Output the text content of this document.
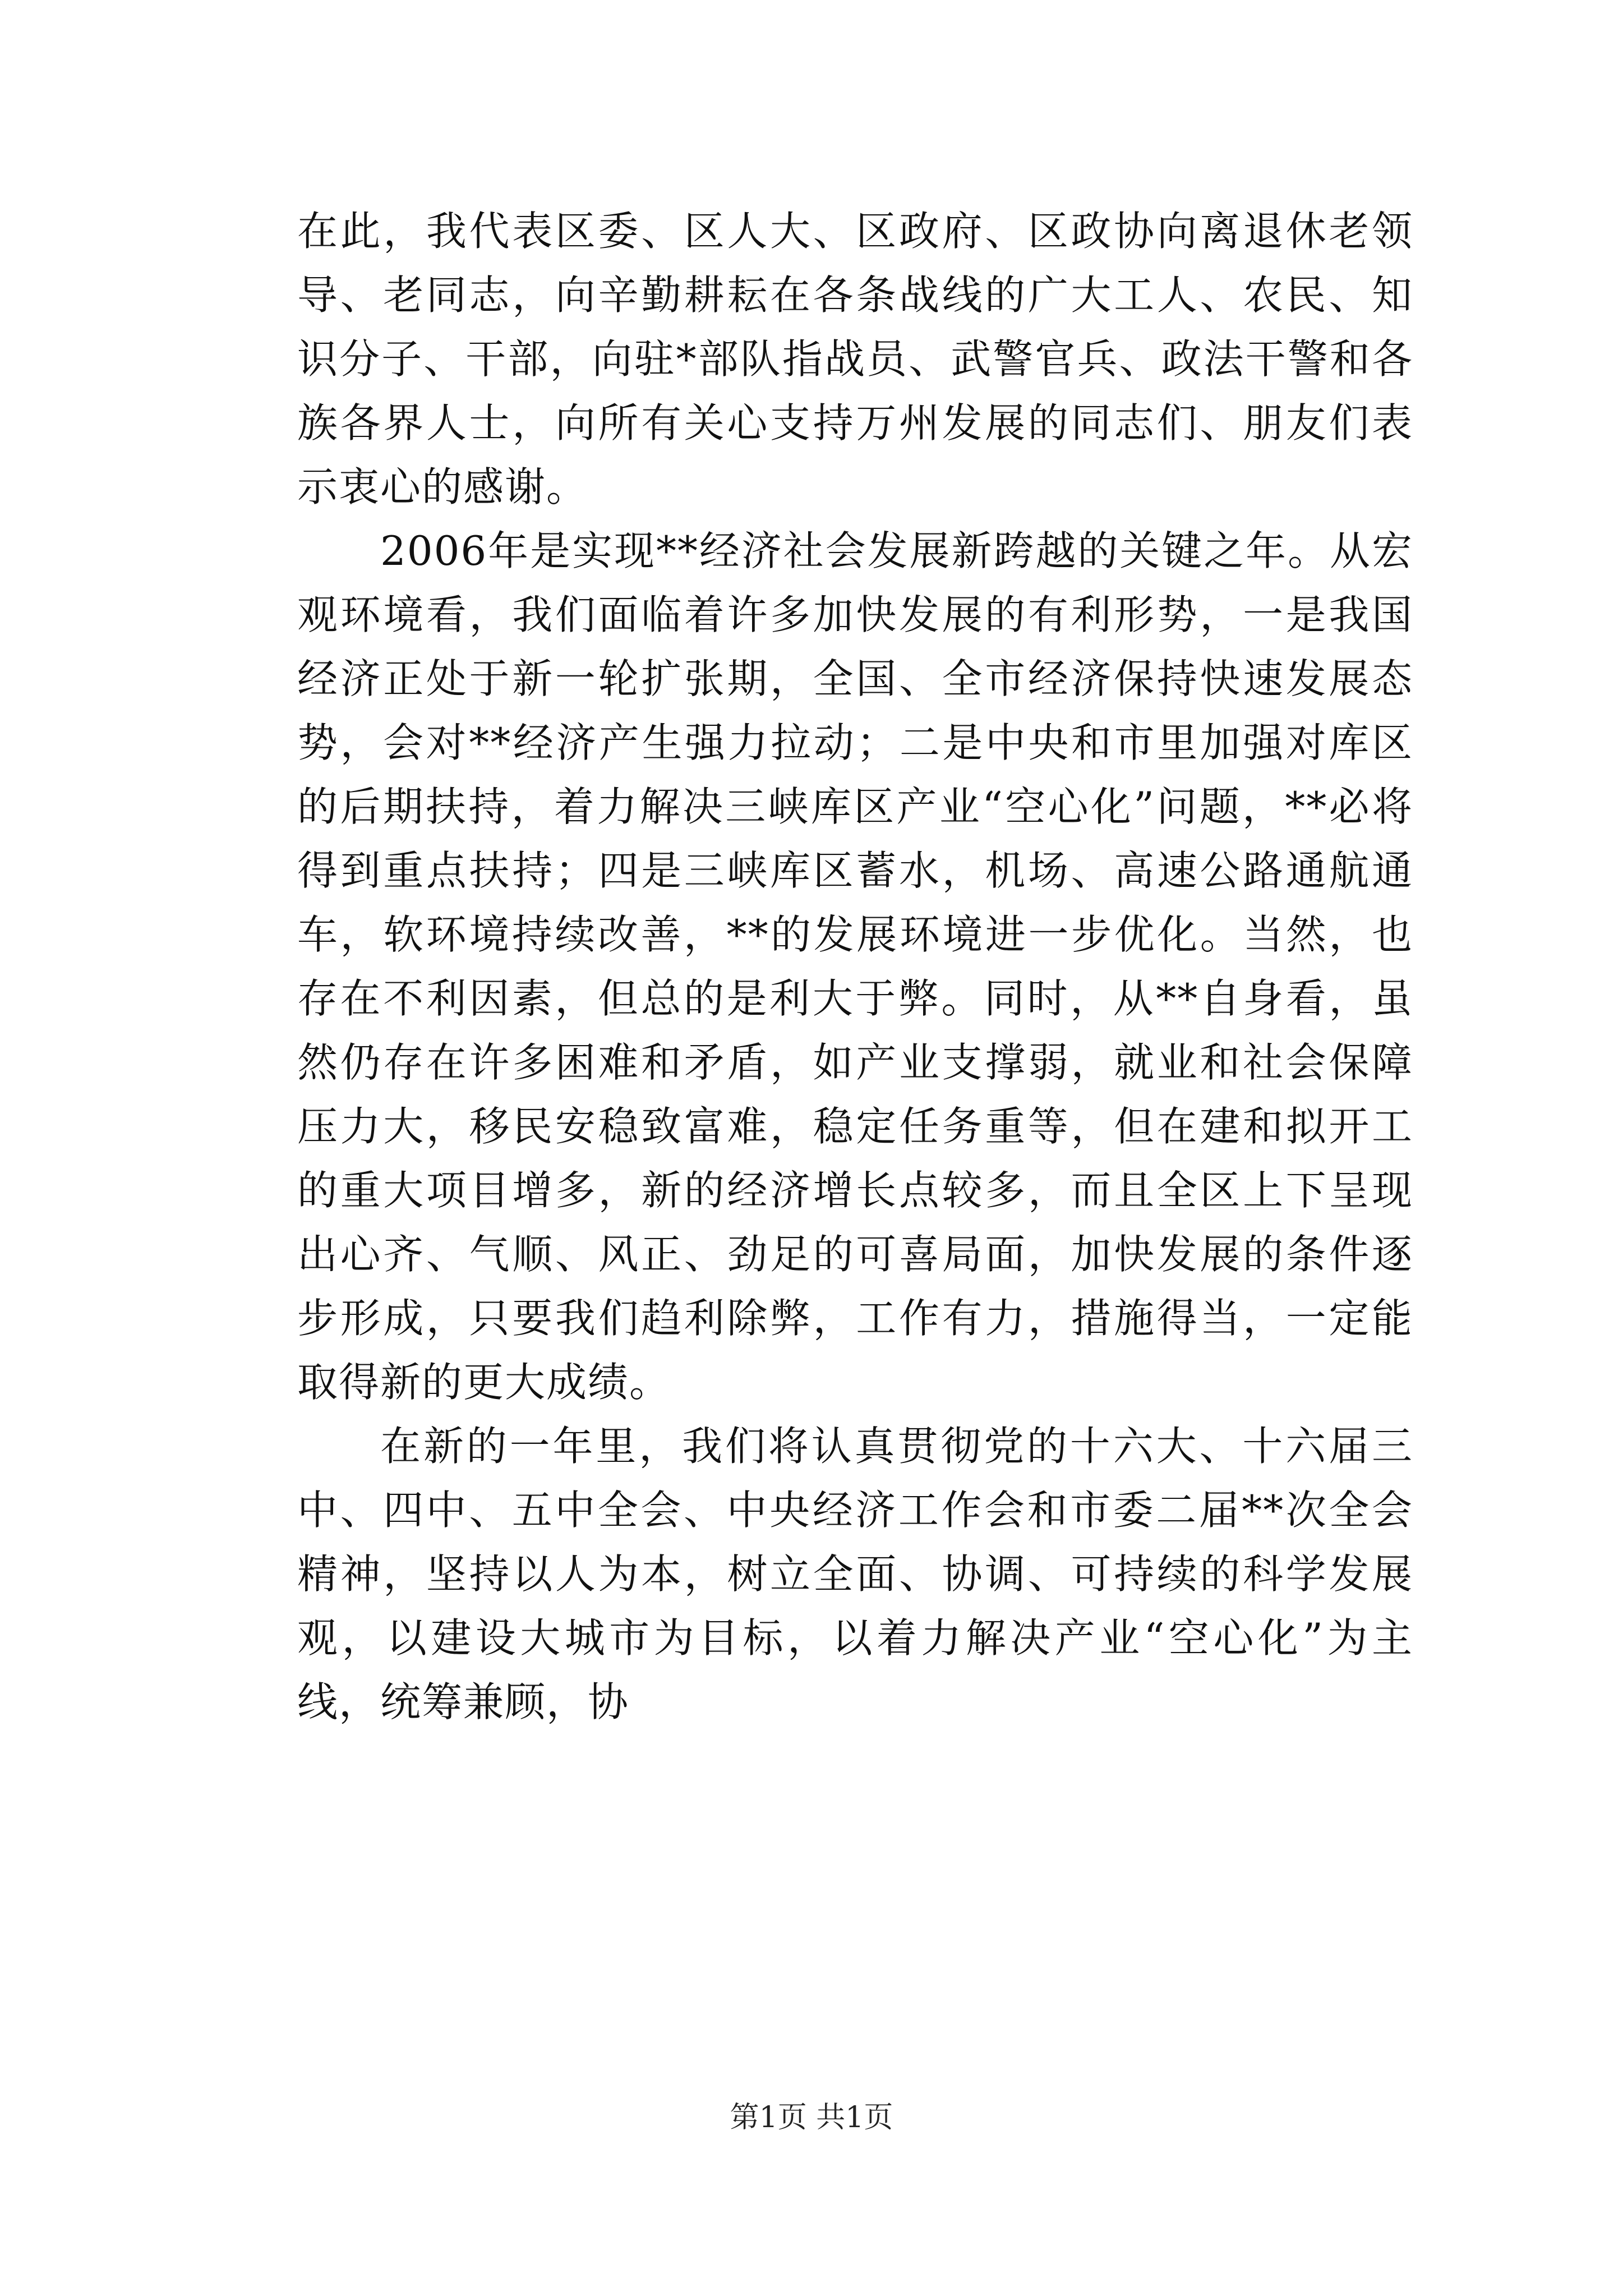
在此，我代表区委、区人大、区政府、区政协向离退休老领导、老同志，向辛勤耕耘在各条战线的广大工人、农民、知识分子、干部，向驻*部队指战员、武警官兵、政法干警和各族各界人士，向所有关心支持万州发展的同志们、朋友们表示衷心的感谢。

2006年是实现**经济社会发展新跨越的关键之年。从宏观环境看，我们面临着许多加快发展的有利形势，一是我国经济正处于新一轮扩张期，全国、全市经济保持快速发展态势，会对**经济产生强力拉动；二是中央和市里加强对库区的后期扶持，着力解决三峡库区产业“空心化”问题，**必将得到重点扶持；四是三峡库区蓄水，机场、高速公路通航通车，软环境持续改善，**的发展环境进一步优化。当然，也存在不利因素，但总的是利大于弊。同时，从**自身看，虽然仍存在许多困难和矛盾，如产业支撑弱，就业和社会保障压力大，移民安稳致富难，稳定任务重等，但在建和拟开工的重大项目增多，新的经济增长点较多，而且全区上下呈现出心齐、气顺、风正、劲足的可喜局面，加快发展的条件逐步形成，只要我们趋利除弊，工作有力，措施得当，一定能取得新的更大成绩。

在新的一年里，我们将认真贯彻党的十六大、十六届三中、四中、五中全会、中央经济工作会和市委二届**次全会精神，坚持以人为本，树立全面、协调、可持续的科学发展观，以建设大城市为目标，以着力解决产业“空心化”为主线，统筹兼顾，协

第1页 共1页
